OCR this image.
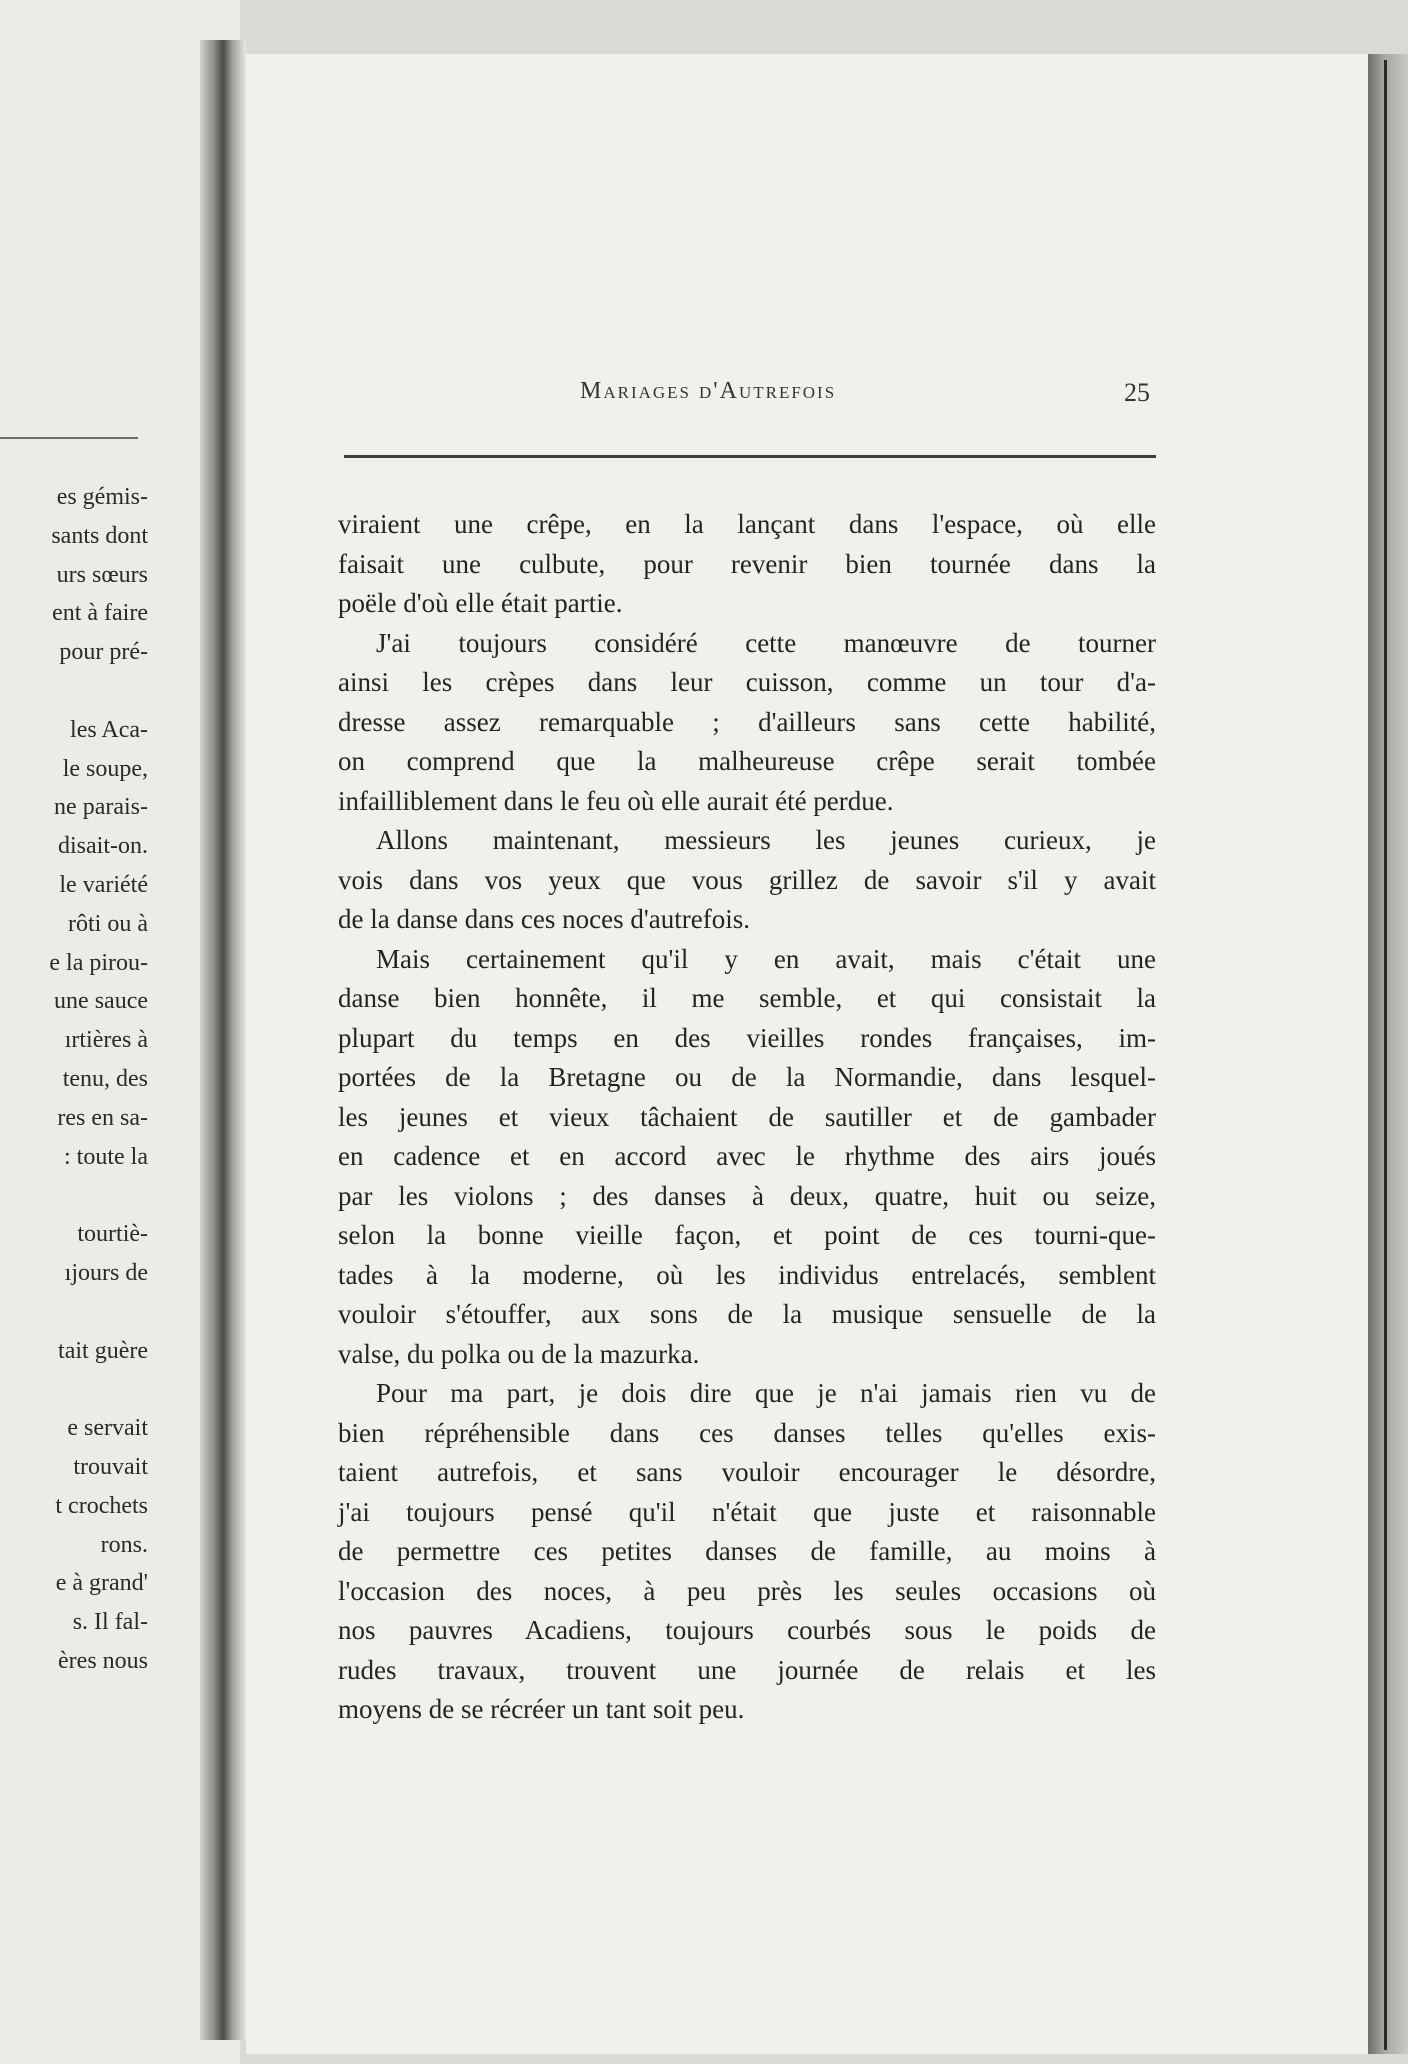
es gémis-
sants dont
urs sœurs
ent à faire
pour pré-
les Aca-
le soupe,
ne parais-
disait-on.
le variété
rôti ou à
e la pirou-
une sauce
ırtières à
tenu, des
res en sa-
: toute la
tourtiè-
ıjours de
tait guère
e servait
trouvait
t crochets
rons.
e à grand'
s. Il fal-
ères nous
Mariages d'Autrefois	25
viraient une crêpe, en la lançant dans l'espace, où elle
faisait une culbute, pour revenir bien tournée dans la
poële d'où elle était partie.
J'ai toujours considéré cette manœuvre de tourner
ainsi les crèpes dans leur cuisson, comme un tour d'a-
dresse assez remarquable ; d'ailleurs sans cette habilité,
on comprend que la malheureuse crêpe serait tombée
infailliblement dans le feu où elle aurait été perdue.
Allons maintenant, messieurs les jeunes curieux, je
vois dans vos yeux que vous grillez de savoir s'il y avait
de la danse dans ces noces d'autrefois.
Mais certainement qu'il y en avait, mais c'était une
danse bien honnête, il me semble, et qui consistait la
plupart du temps en des vieilles rondes françaises, im-
portées de la Bretagne ou de la Normandie, dans lesquel-
les jeunes et vieux tâchaient de sautiller et de gambader
en cadence et en accord avec le rhythme des airs joués
par les violons ; des danses à deux, quatre, huit ou seize,
selon la bonne vieille façon, et point de ces tourni-que-
tades à la moderne, où les individus entrelacés, semblent
vouloir s'étouffer, aux sons de la musique sensuelle de la
valse, du polka ou de la mazurka.
Pour ma part, je dois dire que je n'ai jamais rien vu de
bien répréhensible dans ces danses telles qu'elles exis-
taient autrefois, et sans vouloir encourager le désordre,
j'ai toujours pensé qu'il n'était que juste et raisonnable
de permettre ces petites danses de famille, au moins à
l'occasion des noces, à peu près les seules occasions où
nos pauvres Acadiens, toujours courbés sous le poids de
rudes travaux, trouvent une journée de relais et les
moyens de se récréer un tant soit peu.
